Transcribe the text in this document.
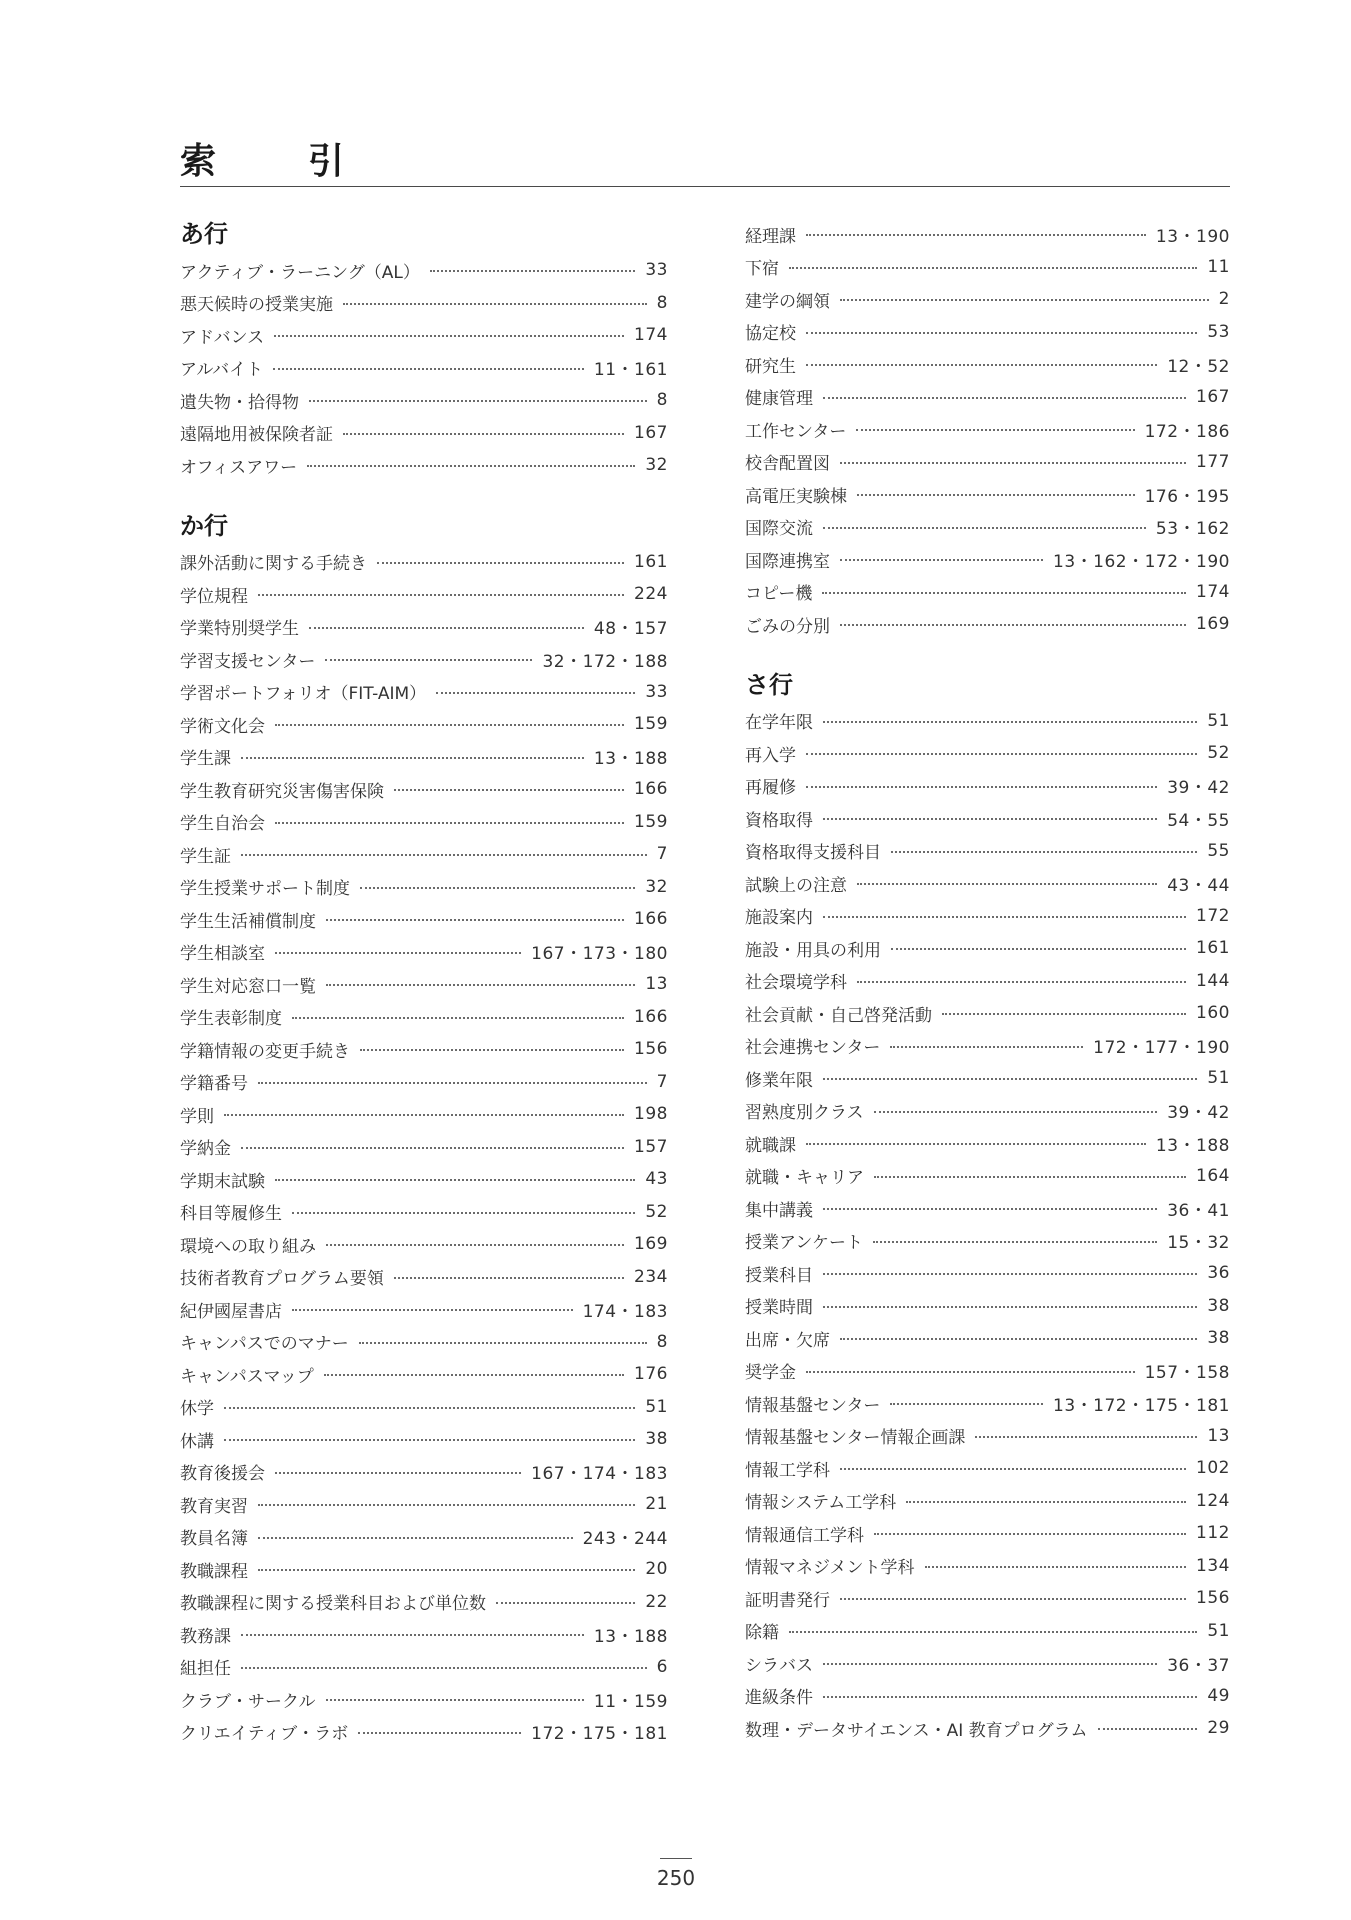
索　引
あ行
アクティブ・ラーニング（AL）	33
悪天候時の授業実施	8
アドバンス	174
アルバイト	11・161
遺失物・拾得物	8
遠隔地用被保険者証	167
オフィスアワー	32
か行
課外活動に関する手続き	161
学位規程	224
学業特別奨学生	48・157
学習支援センター	32・172・188
学習ポートフォリオ（FIT-AIM）	33
学術文化会	159
学生課	13・188
学生教育研究災害傷害保険	166
学生自治会	159
学生証	7
学生授業サポート制度	32
学生生活補償制度	166
学生相談室	167・173・180
学生対応窓口一覧	13
学生表彰制度	166
学籍情報の変更手続き	156
学籍番号	7
学則	198
学納金	157
学期末試験	43
科目等履修生	52
環境への取り組み	169
技術者教育プログラム要領	234
紀伊國屋書店	174・183
キャンパスでのマナー	8
キャンパスマップ	176
休学	51
休講	38
教育後援会	167・174・183
教育実習	21
教員名簿	243・244
教職課程	20
教職課程に関する授業科目および単位数	22
教務課	13・188
組担任	6
クラブ・サークル	11・159
クリエイティブ・ラボ	172・175・181
経理課	13・190
下宿	11
建学の綱領	2
協定校	53
研究生	12・52
健康管理	167
工作センター	172・186
校舎配置図	177
高電圧実験棟	176・195
国際交流	53・162
国際連携室	13・162・172・190
コピー機	174
ごみの分別	169
さ行
在学年限	51
再入学	52
再履修	39・42
資格取得	54・55
資格取得支援科目	55
試験上の注意	43・44
施設案内	172
施設・用具の利用	161
社会環境学科	144
社会貢献・自己啓発活動	160
社会連携センター	172・177・190
修業年限	51
習熟度別クラス	39・42
就職課	13・188
就職・キャリア	164
集中講義	36・41
授業アンケート	15・32
授業科目	36
授業時間	38
出席・欠席	38
奨学金	157・158
情報基盤センター	13・172・175・181
情報基盤センター情報企画課	13
情報工学科	102
情報システム工学科	124
情報通信工学科	112
情報マネジメント学科	134
証明書発行	156
除籍	51
シラバス	36・37
進級条件	49
数理・データサイエンス・AI 教育プログラム	29
250
